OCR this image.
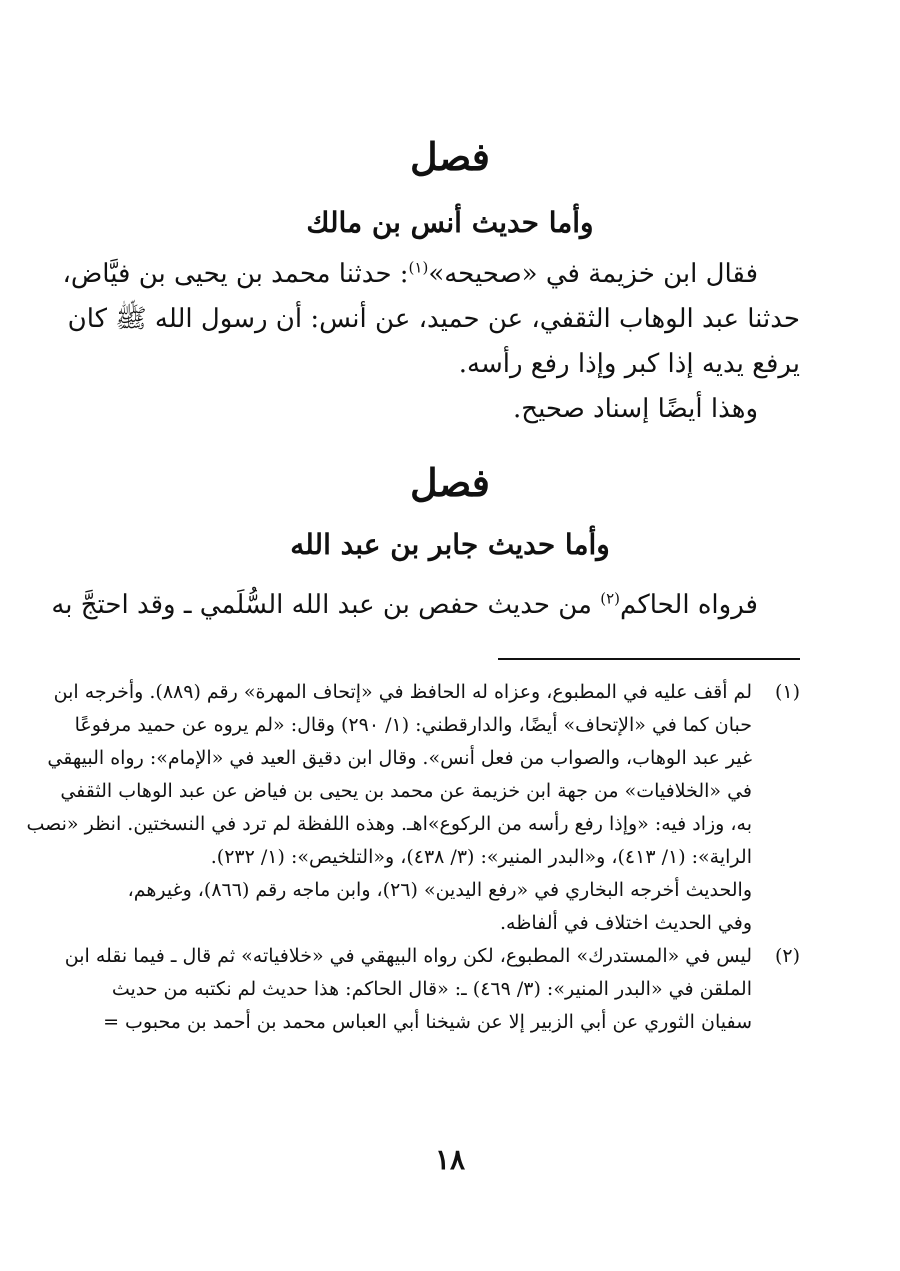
فصل
وأما حديث أنس بن مالك
فقال ابن خزيمة في «صحيحه»$^{(١)}$: حدثنا محمد بن يحيى بن فيَّاض،
حدثنا عبد الوهاب الثقفي، عن حميد، عن أنس: أن رسول الله ﷺ كان
يرفع يديه إذا كبر وإذا رفع رأسه.
وهذا أيضًا إسناد صحيح.
فصل
وأما حديث جابر بن عبد الله
فرواه الحاكم$^{(٢)}$ من حديث حفص بن عبد الله السُّلَمي ـ وقد احتجَّ به
(١)
لم أقف عليه في المطبوع، وعزاه له الحافظ في «إتحاف المهرة» رقم (٨٨٩). وأخرجه ابن
حبان كما في «الإتحاف» أيضًا، والدارقطني: (١/ ٢٩٠) وقال: «لم يروه عن حميد مرفوعًا
غير عبد الوهاب، والصواب من فعل أنس». وقال ابن دقيق العيد في «الإمام»: رواه البيهقي
في «الخلافيات» من جهة ابن خزيمة عن محمد بن يحيى بن فياض عن عبد الوهاب الثقفي
به، وزاد فيه: «وإذا رفع رأسه من الركوع»اهـ. وهذه اللفظة لم ترد في النسختين. انظر «نصب
الراية»: (١/ ٤١٣)، و«البدر المنير»: (٣/ ٤٣٨)، و«التلخيص»: (١/ ٢٣٢).
والحديث أخرجه البخاري في «رفع اليدين» (٢٦)، وابن ماجه رقم (٨٦٦)، وغيرهم،
وفي الحديث اختلاف في ألفاظه.
(٢)
ليس في «المستدرك» المطبوع، لكن رواه البيهقي في «خلافياته» ثم قال ـ فيما نقله ابن
الملقن في «البدر المنير»: (٣/ ٤٦٩) ـ: «قال الحاكم: هذا حديث لم نكتبه من حديث
سفيان الثوري عن أبي الزبير إلا عن شيخنا أبي العباس محمد بن أحمد بن محبوب =
١٨
